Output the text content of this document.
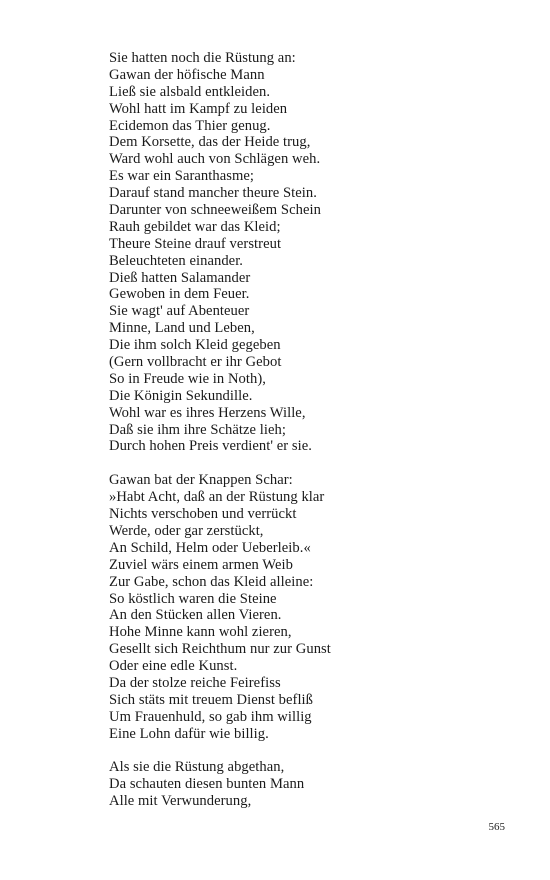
Sie hatten noch die Rüstung an:
Gawan der höfische Mann
Ließ sie alsbald entkleiden.
Wohl hatt im Kampf zu leiden
Ecidemon das Thier genug.
Dem Korsette, das der Heide trug,
Ward wohl auch von Schlägen weh.
Es war ein Saranthasme;
Darauf stand mancher theure Stein.
Darunter von schneeweißem Schein
Rauh gebildet war das Kleid;
Theure Steine drauf verstreut
Beleuchteten einander.
Dieß hatten Salamander
Gewoben in dem Feuer.
Sie wagt' auf Abenteuer
Minne, Land und Leben,
Die ihm solch Kleid gegeben
(Gern vollbracht er ihr Gebot
So in Freude wie in Noth),
Die Königin Sekundille.
Wohl war es ihres Herzens Wille,
Daß sie ihm ihre Schätze lieh;
Durch hohen Preis verdient' er sie.
Gawan bat der Knappen Schar:
»Habt Acht, daß an der Rüstung klar
Nichts verschoben und verrückt
Werde, oder gar zerstückt,
An Schild, Helm oder Ueberleib.«
Zuviel wärs einem armen Weib
Zur Gabe, schon das Kleid alleine:
So köstlich waren die Steine
An den Stücken allen Vieren.
Hohe Minne kann wohl zieren,
Gesellt sich Reichthum nur zur Gunst
Oder eine edle Kunst.
Da der stolze reiche Feirefiss
Sich stäts mit treuem Dienst befliß
Um Frauenhuld, so gab ihm willig
Eine Lohn dafür wie billig.
Als sie die Rüstung abgethan,
Da schauten diesen bunten Mann
Alle mit Verwunderung,
565
